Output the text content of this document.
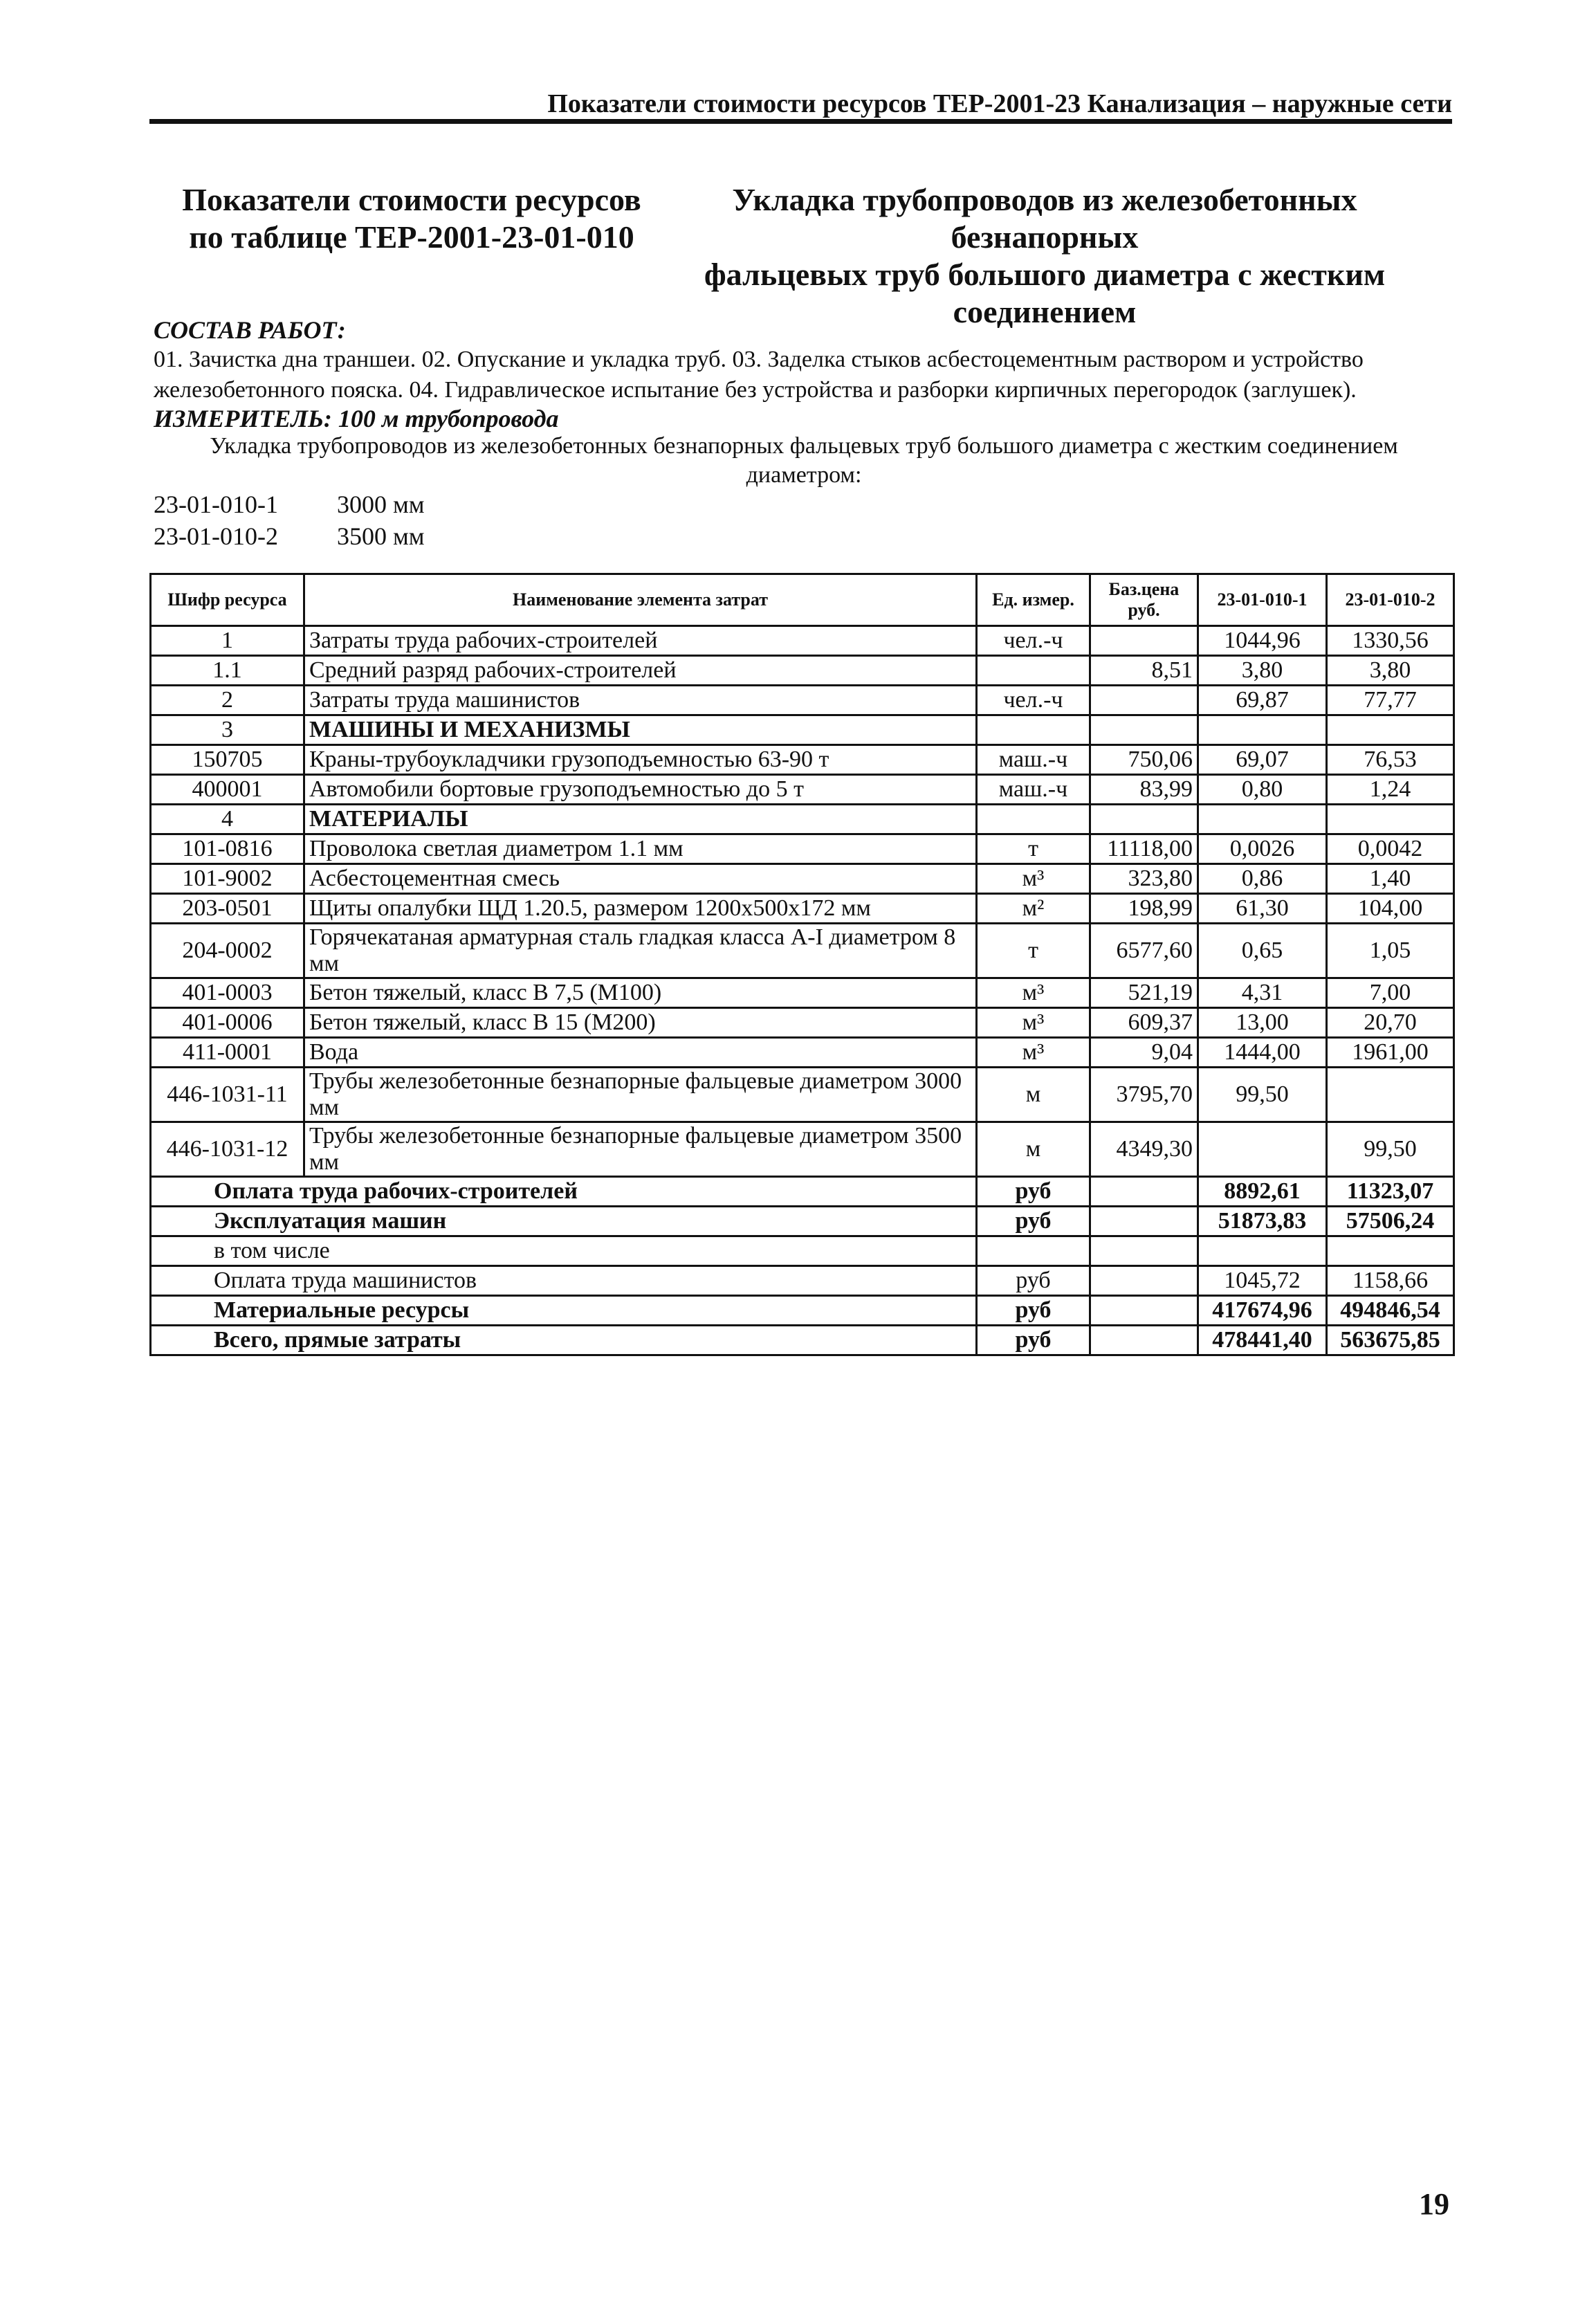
Показатели стоимости ресурсов ТЕР-2001-23 Канализация – наружные сети
Показатели стоимости ресурсов
по таблице ТЕР-2001-23-01-010
Укладка трубопроводов из железобетонных безнапорных
фальцевых труб большого диаметра с жестким
соединением
СОСТАВ РАБОТ:
01. Зачистка дна траншеи. 02. Опускание и укладка труб. 03. Заделка стыков асбестоцементным раствором и устройство
железобетонного пояска. 04. Гидравлическое испытание без устройства и разборки кирпичных перегородок (заглушек).
ИЗМЕРИТЕЛЬ: 100 м трубопровода
Укладка трубопроводов из железобетонных безнапорных фальцевых труб большого диаметра с жестким соединением
диаметром:
23-01-010-1	3000 мм
23-01-010-2	3500 мм
Шифр ресурса	Наименование элемента затрат	Ед. измер.	Баз.цена руб.	23-01-010-1	23-01-010-2
1	Затраты труда рабочих-строителей	чел.-ч		1044,96	1330,56
1.1	Средний разряд рабочих-строителей		8,51	3,80	3,80
2	Затраты труда машинистов	чел.-ч		69,87	77,77
3	МАШИНЫ И МЕХАНИЗМЫ				
150705	Краны-трубоукладчики грузоподъемностью 63-90 т	маш.-ч	750,06	69,07	76,53
400001	Автомобили бортовые грузоподъемностью до 5 т	маш.-ч	83,99	0,80	1,24
4	МАТЕРИАЛЫ				
101-0816	Проволока светлая диаметром 1.1 мм	т	11118,00	0,0026	0,0042
101-9002	Асбестоцементная смесь	м³	323,80	0,86	1,40
203-0501	Щиты опалубки ЩД 1.20.5, размером 1200x500x172 мм	м²	198,99	61,30	104,00
204-0002	Горячекатаная арматурная сталь гладкая класса А-I диаметром 8 мм	т	6577,60	0,65	1,05
401-0003	Бетон тяжелый, класс В 7,5 (М100)	м³	521,19	4,31	7,00
401-0006	Бетон тяжелый, класс В 15 (М200)	м³	609,37	13,00	20,70
411-0001	Вода	м³	9,04	1444,00	1961,00
446-1031-11	Трубы железобетонные безнапорные фальцевые диаметром 3000 мм	м	3795,70	99,50	
446-1031-12	Трубы железобетонные безнапорные фальцевые диаметром 3500 мм	м	4349,30		99,50
Оплата труда рабочих-строителей		руб		8892,61	11323,07
Эксплуатация машин		руб		51873,83	57506,24
в том числе					
Оплата труда машинистов		руб		1045,72	1158,66
Материальные ресурсы		руб		417674,96	494846,54
Всего, прямые затраты		руб		478441,40	563675,85
19
